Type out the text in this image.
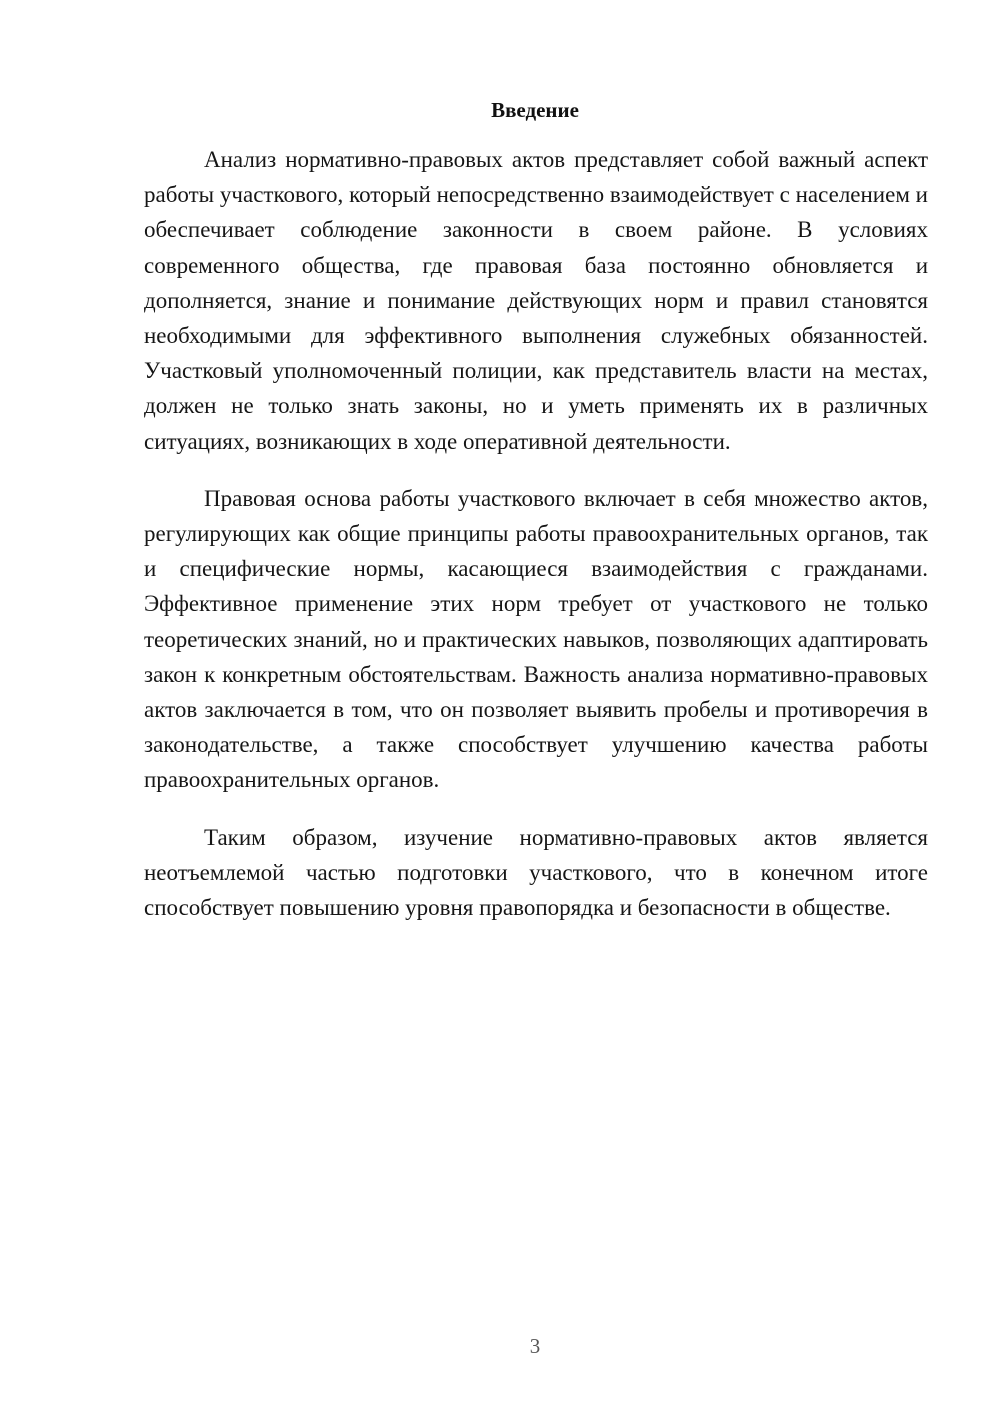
Введение

Анализ нормативно-правовых актов представляет собой важный аспект работы участкового, который непосредственно взаимодействует с населением и обеспечивает соблюдение законности в своем районе. В условиях современного общества, где правовая база постоянно обновляется и дополняется, знание и понимание действующих норм и правил становятся необходимыми для эффективного выполнения служебных обязанностей. Участковый уполномоченный полиции, как представитель власти на местах, должен не только знать законы, но и уметь применять их в различных ситуациях, возникающих в ходе оперативной деятельности.

Правовая основа работы участкового включает в себя множество актов, регулирующих как общие принципы работы правоохранительных органов, так и специфические нормы, касающиеся взаимодействия с гражданами. Эффективное применение этих норм требует от участкового не только теоретических знаний, но и практических навыков, позволяющих адаптировать закон к конкретным обстоятельствам. Важность анализа нормативно-правовых актов заключается в том, что он позволяет выявить пробелы и противоречия в законодательстве, а также способствует улучшению качества работы правоохранительных органов.

Таким образом, изучение нормативно-правовых актов является неотъемлемой частью подготовки участкового, что в конечном итоге способствует повышению уровня правопорядка и безопасности в обществе.

3
